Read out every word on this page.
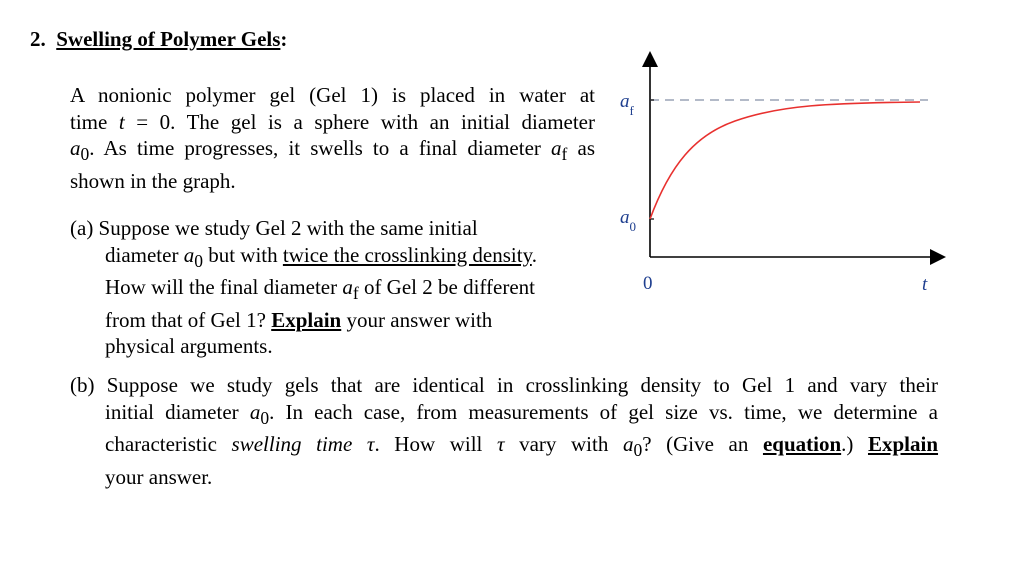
2. Swelling of Polymer Gels:
A nonionic polymer gel (Gel 1) is placed in water at
time t = 0. The gel is a sphere with an initial diameter
$a_0$. As time progresses, it swells to a final diameter $a_f$ as
shown in the graph.
(a) Suppose we study Gel 2 with the same initial
diameter $a_0$ but with twice the crosslinking density.
How will the final diameter $a_f$ of Gel 2 be different
from that of Gel 1? Explain your answer with
physical arguments.
(b) Suppose we study gels that are identical in crosslinking density to Gel 1 and vary their
initial diameter $a_0$. In each case, from measurements of gel size vs. time, we determine a
characteristic swelling time τ. How will τ vary with $a_0$? (Give an equation.) Explain
your answer.
$a_f$
$a_0$
0	t
